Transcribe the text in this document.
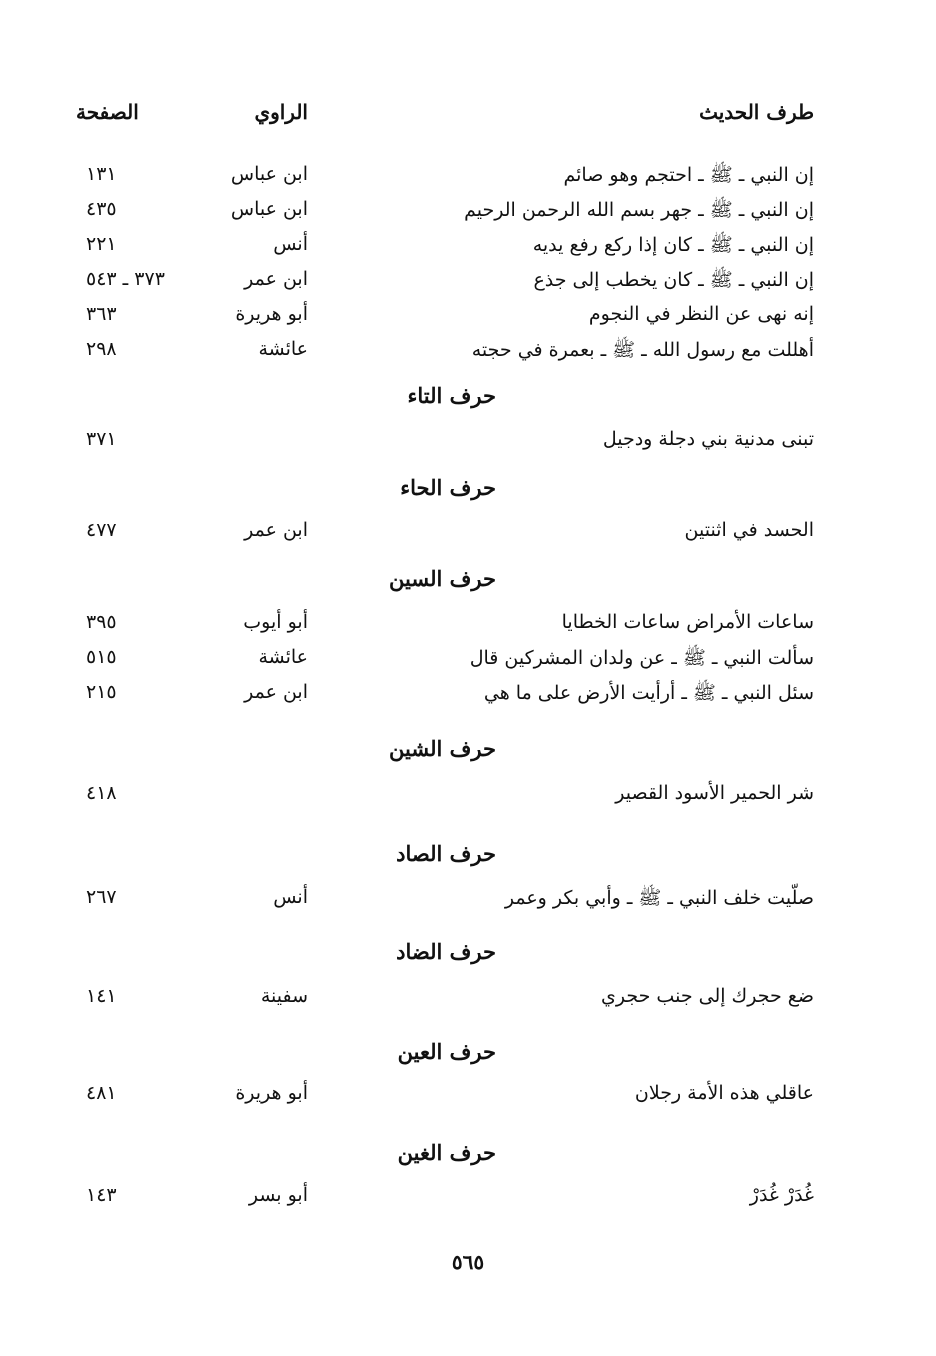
طرف الحديث
الراوي
الصفحة
إن النبي ـ ﷺ ـ احتجم وهو صائم
ابن عباس
١٣١
إن النبي ـ ﷺ ـ جهر بسم الله الرحمن الرحيم
ابن عباس
٤٣٥
إن النبي ـ ﷺ ـ كان إذا ركع رفع يديه
أنس
٢٢١
إن النبي ـ ﷺ ـ كان يخطب إلى جذع
ابن عمر
٣٧٣ ـ ٥٤٣
إنه نهى عن النظر في النجوم
أبو هريرة
٣٦٣
أهللت مع رسول الله ـ ﷺ ـ بعمرة في حجته
عائشة
٢٩٨
حرف التاء
تبنى مدنية بني دجلة ودجيل
٣٧١
حرف الحاء
الحسد في اثنتين
ابن عمر
٤٧٧
حرف السين
ساعات الأمراض ساعات الخطايا
أبو أيوب
٣٩٥
سألت النبي ـ ﷺ ـ عن ولدان المشركين قال
عائشة
٥١٥
سئل النبي ـ ﷺ ـ أرأيت الأرض على ما هي
ابن عمر
٢١٥
حرف الشين
شر الحمير الأسود القصير
٤١٨
حرف الصاد
صلّيت خلف النبي ـ ﷺ ـ وأبي بكر وعمر
أنس
٢٦٧
حرف الضاد
ضع حجرك إلى جنب حجري
سفينة
١٤١
حرف العين
عاقلي هذه الأمة رجلان
أبو هريرة
٤٨١
حرف الغين
غُدَرْ غُدَرْ
أبو بسر
١٤٣
٥٦٥
